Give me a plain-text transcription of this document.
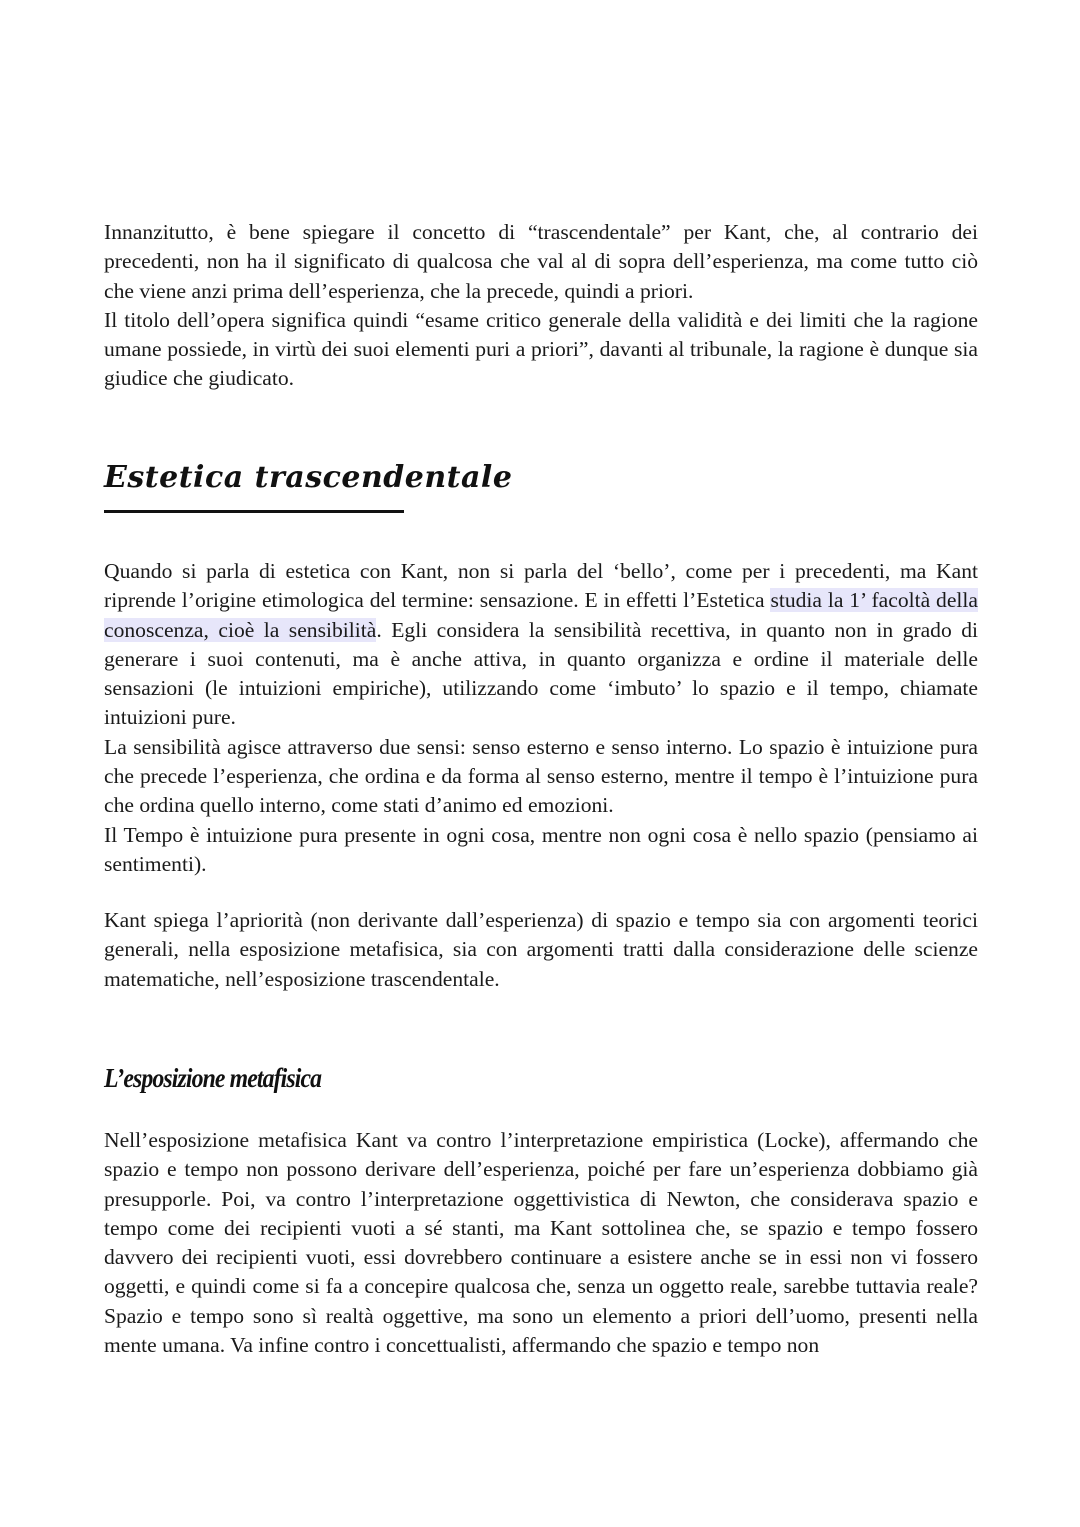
Innanzitutto, è bene spiegare il concetto di “trascendentale” per Kant, che, al contrario dei precedenti, non ha il significato di qualcosa che val al di sopra dell’esperienza, ma come tutto ciò che viene anzi prima dell’esperienza, che la precede, quindi a priori.

Il titolo dell’opera significa quindi “esame critico generale della validità e dei limiti che la ragione umane possiede, in virtù dei suoi elementi puri a priori”, davanti al tribunale, la ragione è dunque sia giudice che giudicato.

Estetica trascendentale

Quando si parla di estetica con Kant, non si parla del ‘bello’, come per i precedenti, ma Kant riprende l’origine etimologica del termine: sensazione. E in effetti l’Estetica studia la 1’ facoltà della conoscenza, cioè la sensibilità. Egli considera la sensibilità recettiva, in quanto non in grado di generare i suoi contenuti, ma è anche attiva, in quanto organizza e ordine il materiale delle sensazioni (le intuizioni empiriche), utilizzando come ‘imbuto’ lo spazio e il tempo, chiamate intuizioni pure.

La sensibilità agisce attraverso due sensi: senso esterno e senso interno. Lo spazio è intuizione pura che precede l’esperienza, che ordina e da forma al senso esterno, mentre il tempo è l’intuizione pura che ordina quello interno, come stati d’animo ed emozioni.

Il Tempo è intuizione pura presente in ogni cosa, mentre non ogni cosa è nello spazio (pensiamo ai sentimenti).

Kant spiega l’apriorità (non derivante dall’esperienza) di spazio e tempo sia con argomenti teorici generali, nella esposizione metafisica, sia con argomenti tratti dalla considerazione delle scienze matematiche, nell’esposizione trascendentale.

L’esposizione metafisica

Nell’esposizione metafisica Kant va contro l’interpretazione empiristica (Locke), affermando che spazio e tempo non possono derivare dell’esperienza, poiché per fare un’esperienza dobbiamo già presupporle. Poi, va contro l’interpretazione oggettivistica di Newton, che considerava spazio e tempo come dei recipienti vuoti a sé stanti, ma Kant sottolinea che, se spazio e tempo fossero davvero dei recipienti vuoti, essi dovrebbero continuare a esistere anche se in essi non vi fossero oggetti, e quindi come si fa a concepire qualcosa che, senza un oggetto reale, sarebbe tuttavia reale? Spazio e tempo sono sì realtà oggettive, ma sono un elemento a priori dell’uomo, presenti nella mente umana. Va infine contro i concettualisti, affermando che spazio e tempo non
